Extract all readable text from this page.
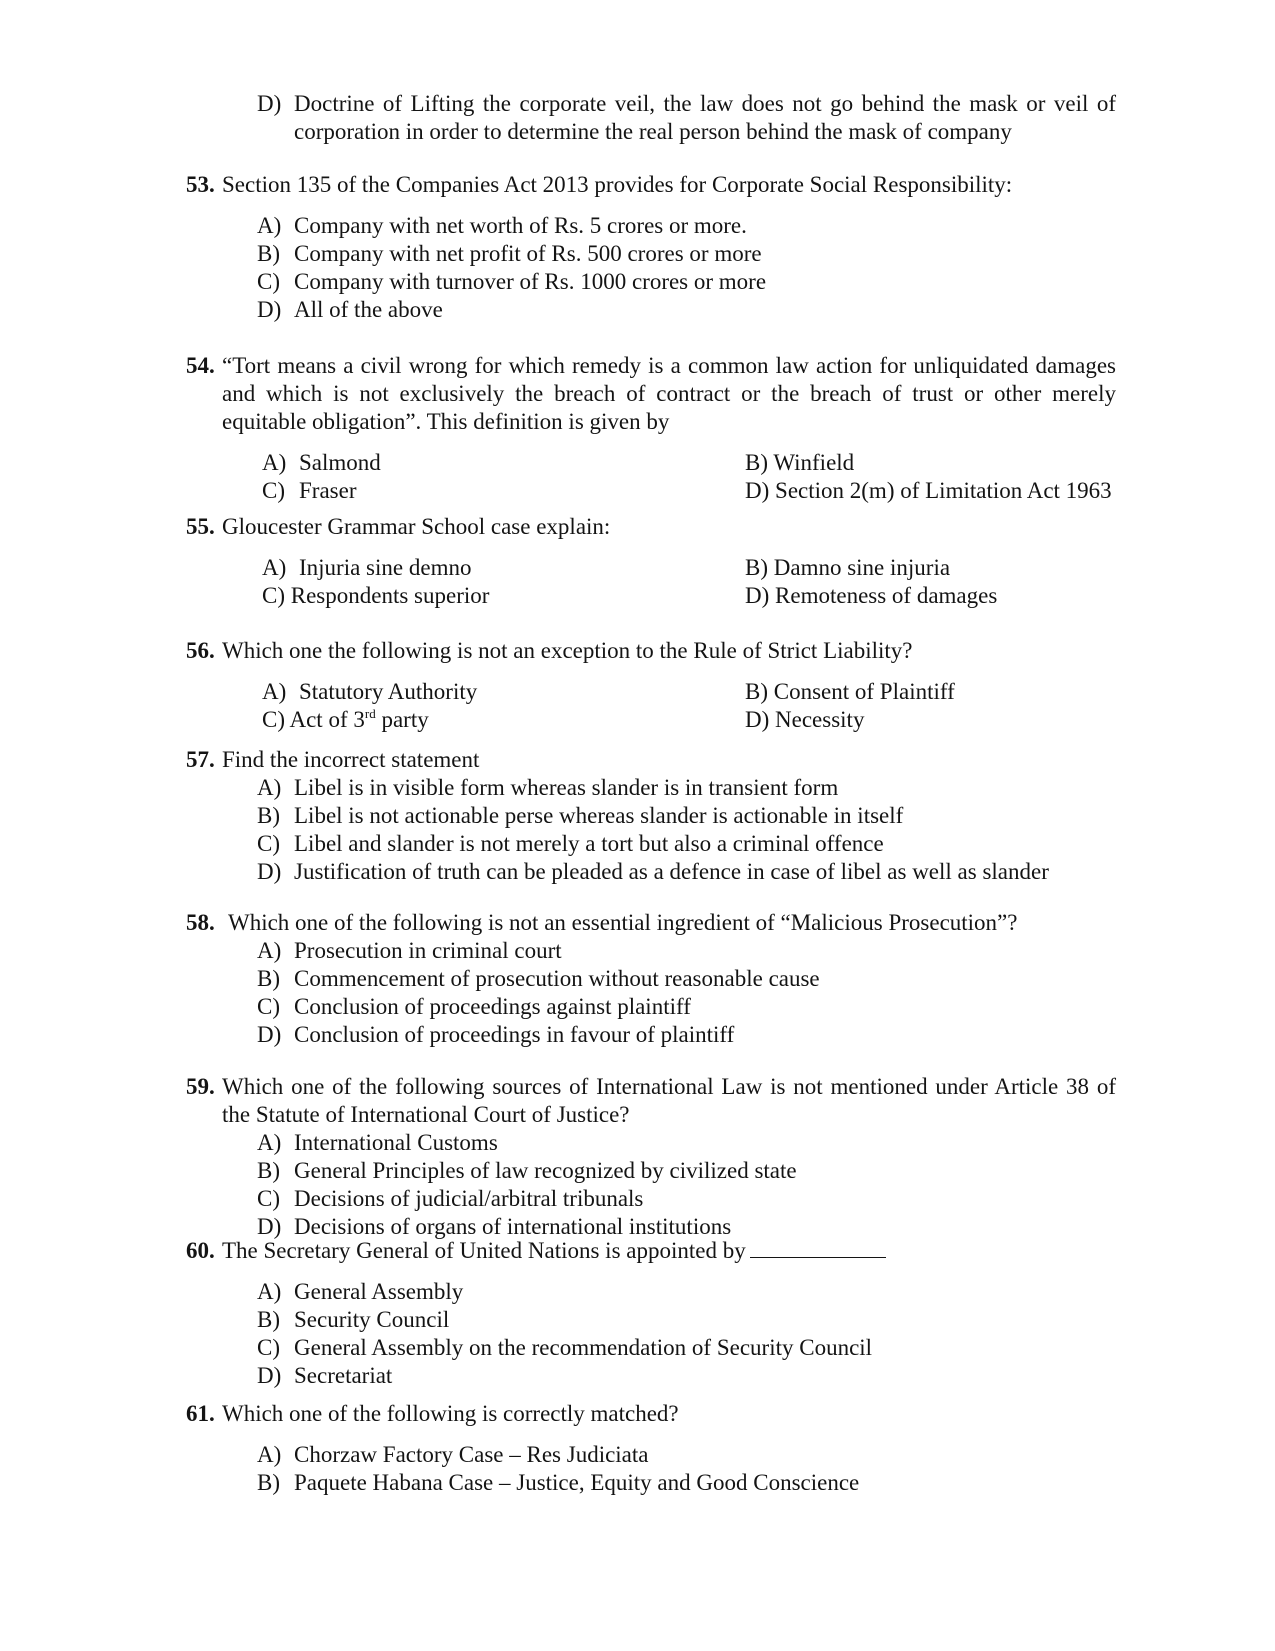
D) Doctrine of Lifting the corporate veil, the law does not go behind the mask or veil of corporation in order to determine the real person behind the mask of company
53. Section 135 of the Companies Act 2013 provides for Corporate Social Responsibility:
A) Company with net worth of Rs. 5 crores or more.
B) Company with net profit of Rs. 500 crores or more
C) Company with turnover of Rs. 1000 crores or more
D) All of the above
54. “Tort means a civil wrong for which remedy is a common law action for unliquidated damages and which is not exclusively the breach of contract or the breach of trust or other merely equitable obligation”. This definition is given by
A) Salmond	B) Winfield
C) Fraser	D) Section 2(m) of Limitation Act 1963
55. Gloucester Grammar School case explain:
A) Injuria sine demno	B) Damno sine injuria
C) Respondents superior	D) Remoteness of damages
56. Which one the following is not an exception to the Rule of Strict Liability?
A) Statutory Authority	B) Consent of Plaintiff
C) Act of 3rd party	D) Necessity
57. Find the incorrect statement
A) Libel is in visible form whereas slander is in transient form
B) Libel is not actionable perse whereas slander is actionable in itself
C) Libel and slander is not merely a tort but also a criminal offence
D) Justification of truth can be pleaded as a defence in case of libel as well as slander
58. Which one of the following is not an essential ingredient of “Malicious Prosecution”?
A) Prosecution in criminal court
B) Commencement of prosecution without reasonable cause
C) Conclusion of proceedings against plaintiff
D) Conclusion of proceedings in favour of plaintiff
59. Which one of the following sources of International Law is not mentioned under Article 38 of the Statute of International Court of Justice?
A) International Customs
B) General Principles of law recognized by civilized state
C) Decisions of judicial/arbitral tribunals
D) Decisions of organs of international institutions
60. The Secretary General of United Nations is appointed by
A) General Assembly
B) Security Council
C) General Assembly on the recommendation of Security Council
D) Secretariat
61. Which one of the following is correctly matched?
A) Chorzaw Factory Case – Res Judiciata
B) Paquete Habana Case – Justice, Equity and Good Conscience
